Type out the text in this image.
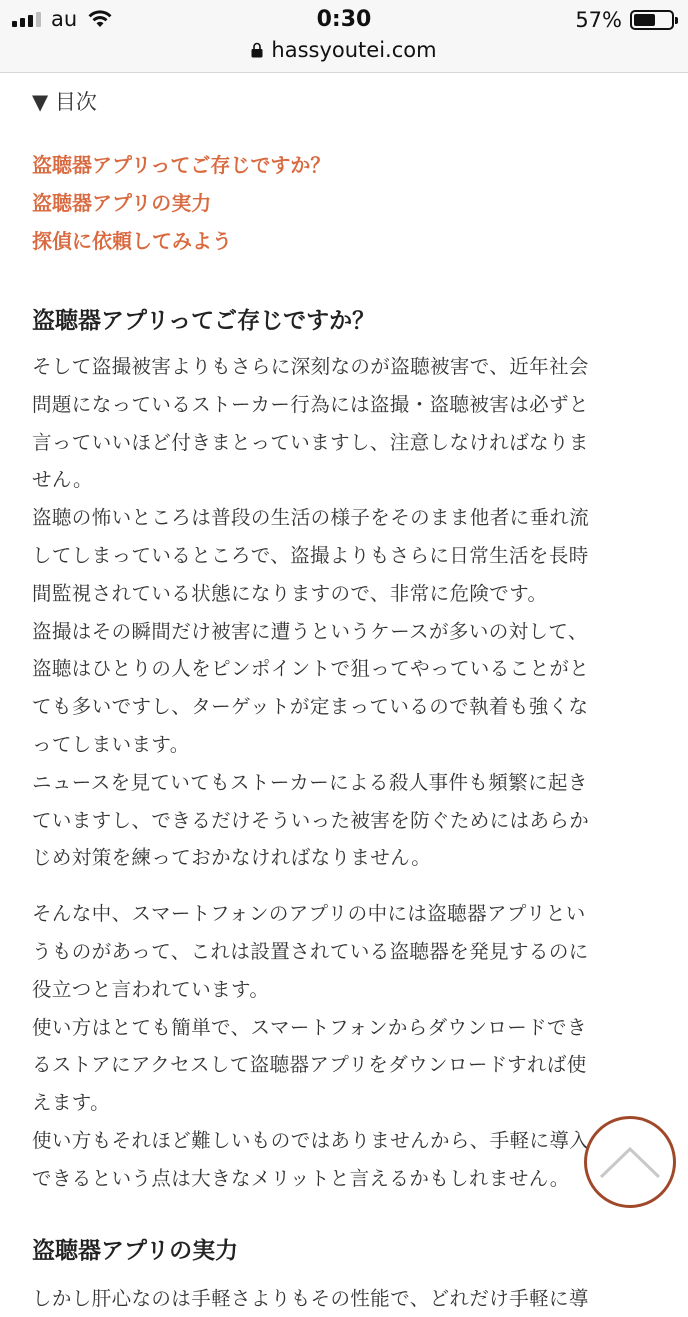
au	0:30	57%
hassyoutei.com
▼ 目次
盗聴器アプリってご存じですか？
盗聴器アプリの実力
探偵に依頼してみよう
盗聴器アプリってご存じですか？

そして盗撮被害よりもさらに深刻なのが盗聴被害で、近年社会

問題になっているストーカー行為には盗撮・盗聴被害は必ずと

言っていいほど付きまとっていますし、注意しなければなりま

せん。

盗聴の怖いところは普段の生活の様子をそのまま他者に垂れ流

してしまっているところで、盗撮よりもさらに日常生活を長時

間監視されている状態になりますので、非常に危険です。

盗撮はその瞬間だけ被害に遭うというケースが多いの対して、

盗聴はひとりの人をピンポイントで狙ってやっていることがと

ても多いですし、ターゲットが定まっているので執着も強くな

ってしまいます。

ニュースを見ていてもストーカーによる殺人事件も頻繁に起き

ていますし、できるだけそういった被害を防ぐためにはあらか

じめ対策を練っておかなければなりません。

そんな中、スマートフォンのアプリの中には盗聴器アプリとい

うものがあって、これは設置されている盗聴器を発見するのに

役立つと言われています。

使い方はとても簡単で、スマートフォンからダウンロードでき

るストアにアクセスして盗聴器アプリをダウンロードすれば使

えます。

使い方もそれほど難しいものではありませんから、手軽に導入

できるという点は大きなメリットと言えるかもしれません。

盗聴器アプリの実力

しかし肝心なのは手軽さよりもその性能で、どれだけ手軽に導
